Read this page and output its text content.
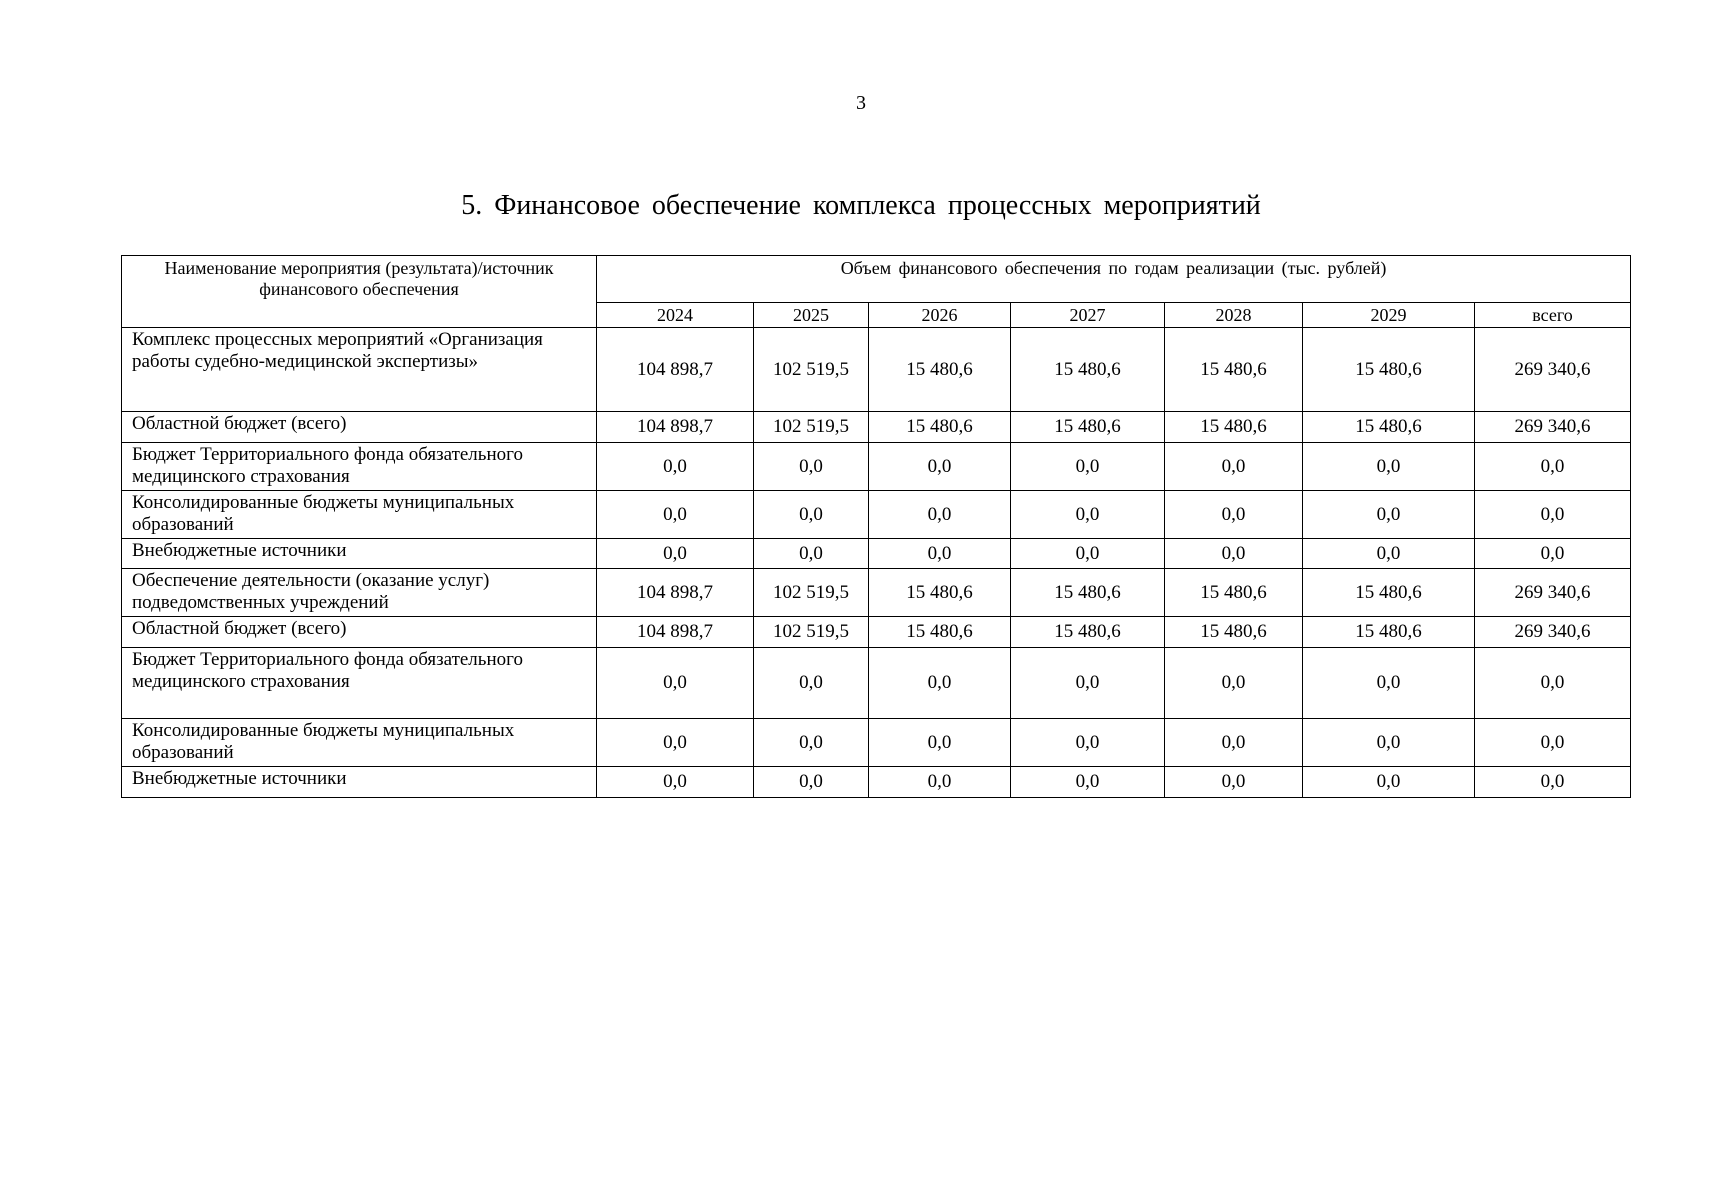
3
5. Финансовое обеспечение комплекса процессных мероприятий
Наименование мероприятия (результата)/источник финансового обеспечения	Объем финансового обеспечения по годам реализации (тыс. рублей)						
	2024	2025	2026	2027	2028	2029	всего
Комплекс процессных мероприятий «Организация работы судебно-медицинской экспертизы»	104 898,7	102 519,5	15 480,6	15 480,6	15 480,6	15 480,6	269 340,6
Областной бюджет (всего)	104 898,7	102 519,5	15 480,6	15 480,6	15 480,6	15 480,6	269 340,6
Бюджет Территориального фонда обязательного медицинского страхования	0,0	0,0	0,0	0,0	0,0	0,0	0,0
Консолидированные бюджеты муниципальных образований	0,0	0,0	0,0	0,0	0,0	0,0	0,0
Внебюджетные источники	0,0	0,0	0,0	0,0	0,0	0,0	0,0
Обеспечение деятельности (оказание услуг) подведомственных учреждений	104 898,7	102 519,5	15 480,6	15 480,6	15 480,6	15 480,6	269 340,6
Областной бюджет (всего)	104 898,7	102 519,5	15 480,6	15 480,6	15 480,6	15 480,6	269 340,6
Бюджет Территориального фонда обязательного медицинского страхования	0,0	0,0	0,0	0,0	0,0	0,0	0,0
Консолидированные бюджеты муниципальных образований	0,0	0,0	0,0	0,0	0,0	0,0	0,0
Внебюджетные источники	0,0	0,0	0,0	0,0	0,0	0,0	0,0
